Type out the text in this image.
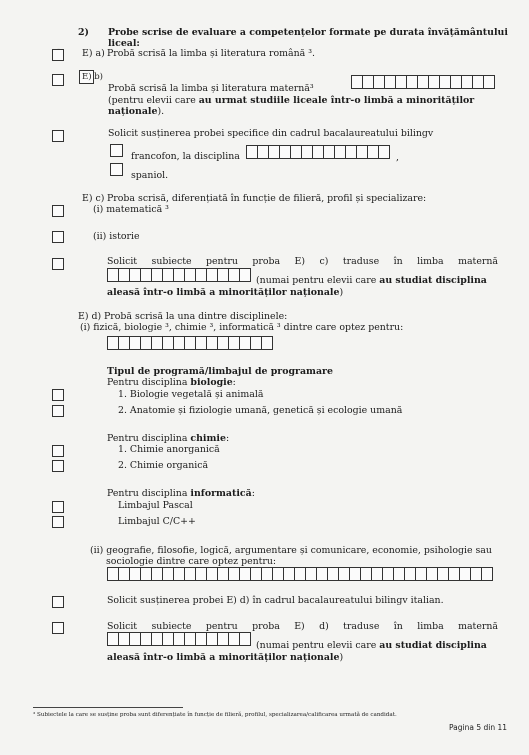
2) Probe scrise de evaluare a competențelor formate pe durata învățământului
liceal:
E) a) Probă scrisă la limba și literatura română ³.
E) b)
Probă scrisă la limba și literatura maternă³
(pentru elevii care au urmat studiile liceale într-o limbă a minorităților
naționale).
Solicit susținerea probei specifice din cadrul bacalaureatului bilingv
francofon, la disciplina	,
spaniol.
E) c) Proba scrisă, diferențiată în funcție de filieră, profil și specializare:
(i) matematică ³
(ii) istorie
Solicit subiecte pentru proba E) c) traduse în limba maternă
(numai pentru elevii care au studiat disciplina
aleasă într-o limbă a minorităților naționale)
E) d) Probă scrisă la una dintre disciplinele:
(i) fizică, biologie ³, chimie ³, informatică ³ dintre care optez pentru:
Tipul de programă/limbajul de programare
Pentru disciplina biologie:
1. Biologie vegetală și animală
2. Anatomie și fiziologie umană, genetică și ecologie umană
Pentru disciplina chimie:
1. Chimie anorganică
2. Chimie organică
Pentru disciplina informatică:
Limbajul Pascal
Limbajul C/C++
(ii) geografie, filosofie, logică, argumentare și comunicare, economie, psihologie sau
sociologie dintre care optez pentru:
Solicit susținerea probei E) d) în cadrul bacalaureatului bilingv italian.
Solicit subiecte pentru proba E) d) traduse în limba maternă
(numai pentru elevii care au studiat disciplina
aleasă într-o limbă a minorităților naționale)
³ Subiectele la care se susține proba sunt diferențiate în funcție de filieră, profilul, specializarea/calificarea urmată de candidat.
Pagina 5 din 11
